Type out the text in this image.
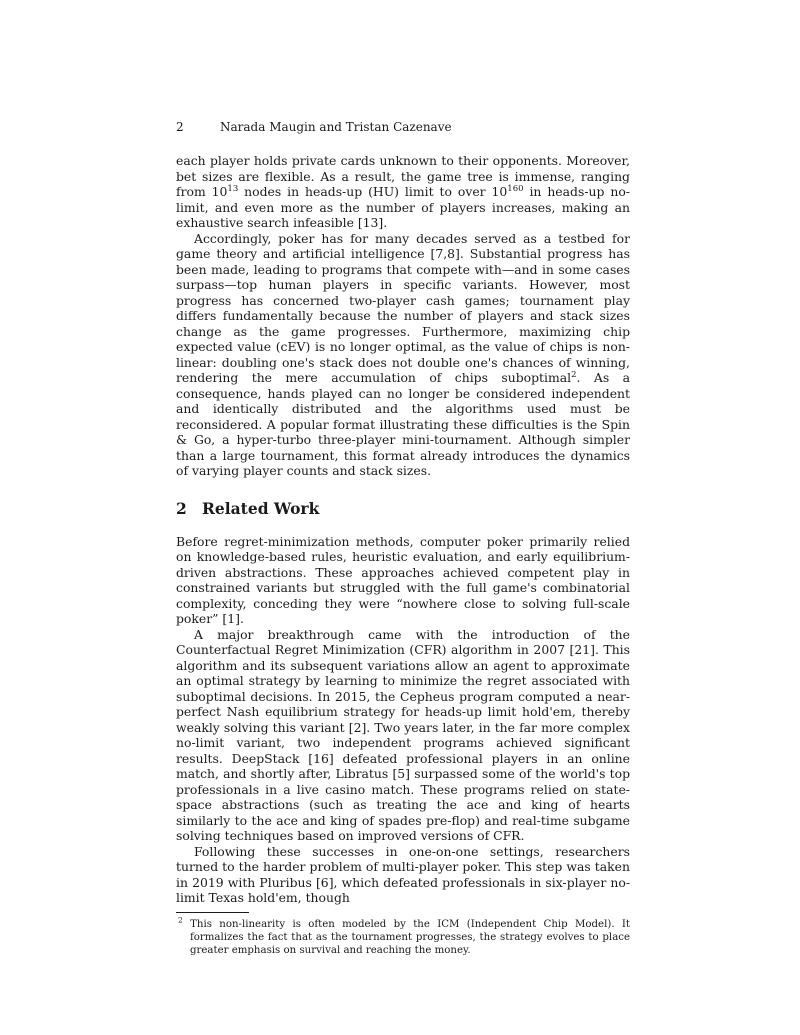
2	Narada Maugin and Tristan Cazenave

each player holds private cards unknown to their opponents. Moreover, bet sizes are flexible. As a result, the game tree is immense, ranging from $10^{13}$ nodes in heads-up (HU) limit to over $10^{160}$ in heads-up no-limit, and even more as the number of players increases, making an exhaustive search infeasible [13].

Accordingly, poker has for many decades served as a testbed for game theory and artificial intelligence [7,8]. Substantial progress has been made, leading to programs that compete with—and in some cases surpass—top human players in specific variants. However, most progress has concerned two-player cash games; tournament play differs fundamentally because the number of players and stack sizes change as the game progresses. Furthermore, maximizing chip expected value (cEV) is no longer optimal, as the value of chips is non-linear: doubling one's stack does not double one's chances of winning, rendering the mere accumulation of chips suboptimal$^2$. As a consequence, hands played can no longer be considered independent and identically distributed and the algorithms used must be reconsidered. A popular format illustrating these difficulties is the Spin & Go, a hyper-turbo three-player mini-tournament. Although simpler than a large tournament, this format already introduces the dynamics of varying player counts and stack sizes.

2 Related Work

Before regret-minimization methods, computer poker primarily relied on knowledge-based rules, heuristic evaluation, and early equilibrium-driven abstractions. These approaches achieved competent play in constrained variants but struggled with the full game's combinatorial complexity, conceding they were “nowhere close to solving full-scale poker” [1].

A major breakthrough came with the introduction of the Counterfactual Regret Minimization (CFR) algorithm in 2007 [21]. This algorithm and its subsequent variations allow an agent to approximate an optimal strategy by learning to minimize the regret associated with suboptimal decisions. In 2015, the Cepheus program computed a near-perfect Nash equilibrium strategy for heads-up limit hold'em, thereby weakly solving this variant [2]. Two years later, in the far more complex no-limit variant, two independent programs achieved significant results. DeepStack [16] defeated professional players in an online match, and shortly after, Libratus [5] surpassed some of the world's top professionals in a live casino match. These programs relied on state-space abstractions (such as treating the ace and king of hearts similarly to the ace and king of spades pre-flop) and real-time subgame solving techniques based on improved versions of CFR.

Following these successes in one-on-one settings, researchers turned to the harder problem of multi-player poker. This step was taken in 2019 with Pluribus [6], which defeated professionals in six-player no-limit Texas hold'em, though

$^2$ This non-linearity is often modeled by the ICM (Independent Chip Model). It formalizes the fact that as the tournament progresses, the strategy evolves to place greater emphasis on survival and reaching the money.
